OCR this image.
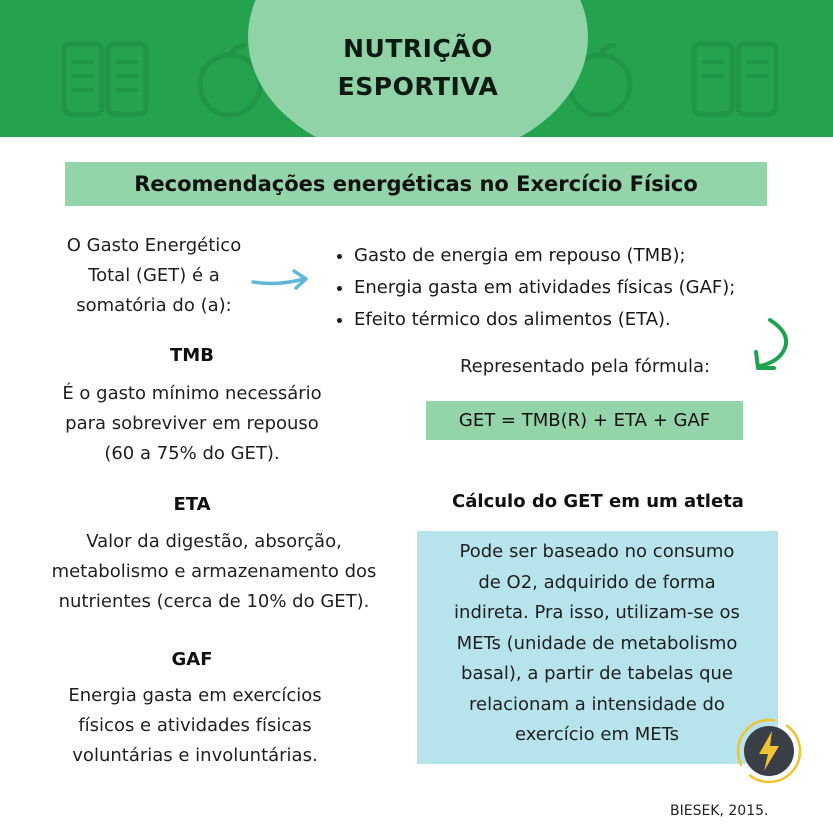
NUTRIÇÃO
ESPORTIVA
Recomendações energéticas no Exercício Físico
O Gasto Energético
Total (GET) é a
somatória do (a):
• Gasto de energia em repouso (TMB);
• Energia gasta em atividades físicas (GAF);
• Efeito térmico dos alimentos (ETA).
Representado pela fórmula:
GET = TMB(R) + ETA + GAF
TMB
É o gasto mínimo necessário
para sobreviver em repouso
(60 a 75% do GET).
ETA
Valor da digestão, absorção,
metabolismo e armazenamento dos
nutrientes (cerca de 10% do GET).
GAF
Energia gasta em exercícios
físicos e atividades físicas
voluntárias e involuntárias.
Cálculo do GET em um atleta
Pode ser baseado no consumo
de O2, adquirido de forma
indireta. Pra isso, utilizam-se os
METs (unidade de metabolismo
basal), a partir de tabelas que
relacionam a intensidade do
exercício em METs
BIESEK, 2015.
